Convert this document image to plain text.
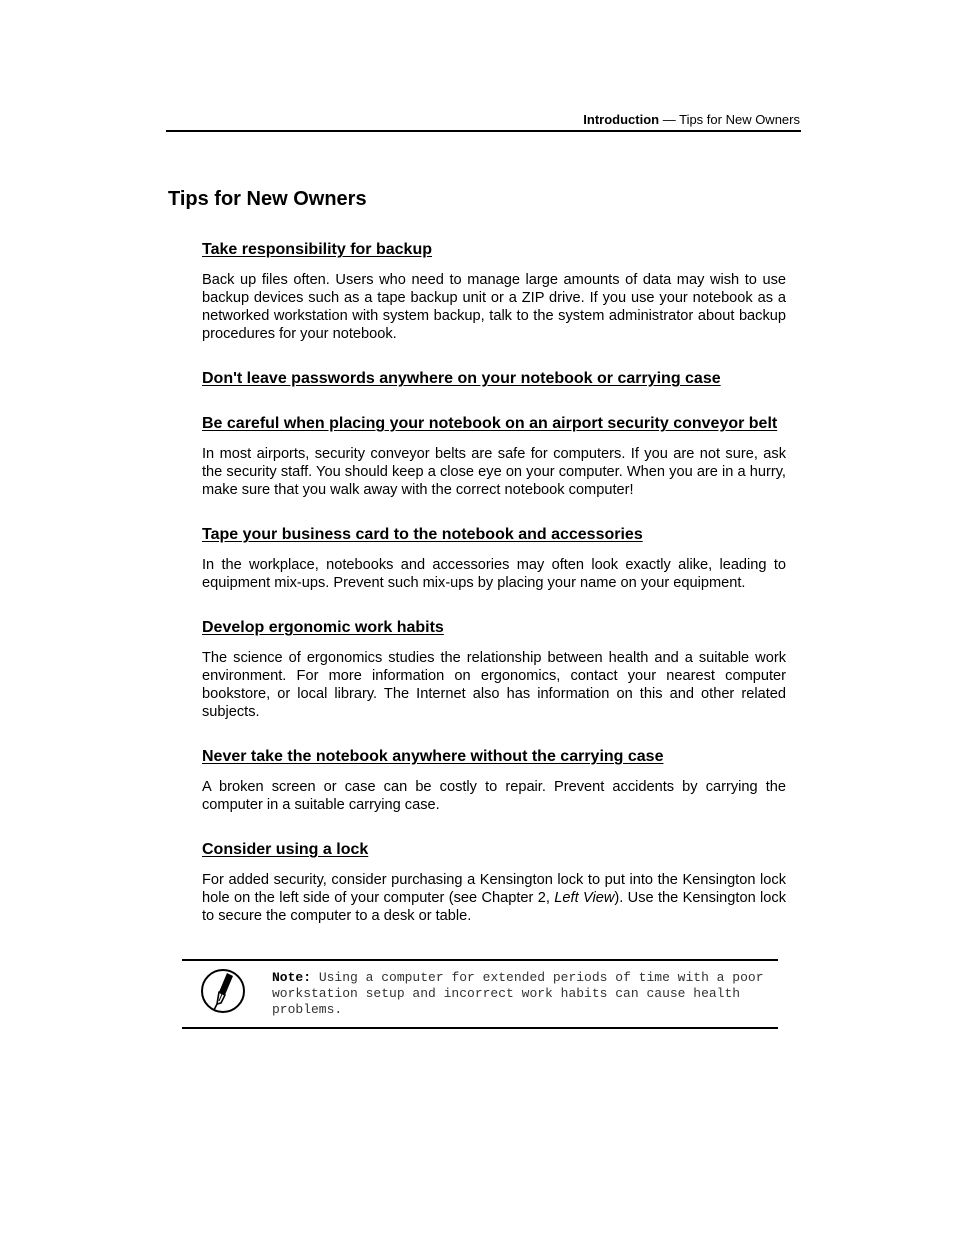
Introduction — Tips for New Owners
Tips for New Owners
Take responsibility for backup

Back up files often. Users who need to manage large amounts of data may wish to use backup devices such as a tape backup unit or a ZIP drive. If you use your notebook as a networked workstation with system backup, talk to the system administrator about backup procedures for your notebook.

Don't leave passwords anywhere on your notebook or carrying case
Be careful when placing your notebook on an airport security conveyor belt

In most airports, security conveyor belts are safe for computers. If you are not sure, ask the security staff. You should keep a close eye on your computer. When you are in a hurry, make sure that you walk away with the correct notebook computer!

Tape your business card to the notebook and accessories

In the workplace, notebooks and accessories may often look exactly alike, leading to equipment mix-ups. Prevent such mix-ups by placing your name on your equipment.

Develop ergonomic work habits

The science of ergonomics studies the relationship between health and a suitable work environment. For more information on ergonomics, contact your nearest computer bookstore, or local library. The Internet also has information on this and other related subjects.

Never take the notebook anywhere without the carrying case

A broken screen or case can be costly to repair. Prevent accidents by carrying the computer in a suitable carrying case.

Consider using a lock

For added security, consider purchasing a Kensington lock to put into the Kensington lock hole on the left side of your computer (see Chapter 2, Left View). Use the Kensington lock to secure the computer to a desk or table.

Note: Using a computer for extended periods of time with a poor workstation setup and incorrect work habits can cause health problems.
